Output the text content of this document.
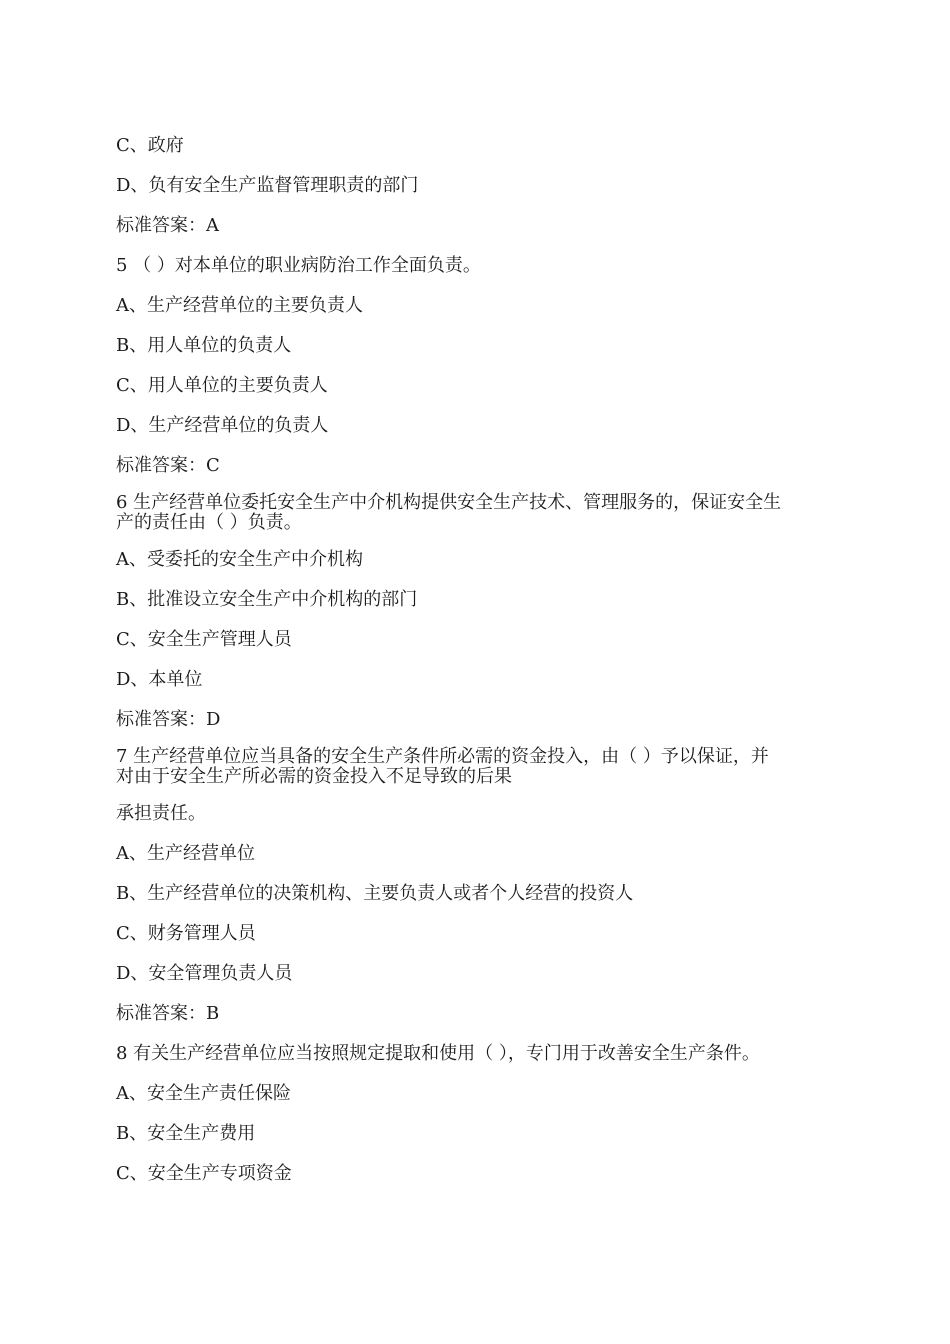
C、政府

D、负有安全生产监督管理职责的部门

标准答案：A

5 （ ）对本单位的职业病防治工作全面负责。

A、生产经营单位的主要负责人

B、用人单位的负责人

C、用人单位的主要负责人

D、生产经营单位的负责人

标准答案：C

6 生产经营单位委托安全生产中介机构提供安全生产技术、管理服务的，保证安全生

产的责任由（ ）负责。

A、受委托的安全生产中介机构

B、批准设立安全生产中介机构的部门

C、安全生产管理人员

D、本单位

标准答案：D

7 生产经营单位应当具备的安全生产条件所必需的资金投入，由（ ）予以保证，并

对由于安全生产所必需的资金投入不足导致的后果

承担责任。

A、生产经营单位

B、生产经营单位的决策机构、主要负责人或者个人经营的投资人

C、财务管理人员

D、安全管理负责人员

标准答案：B

8 有关生产经营单位应当按照规定提取和使用（ ），专门用于改善安全生产条件。

A、安全生产责任保险

B、安全生产费用

C、安全生产专项资金
